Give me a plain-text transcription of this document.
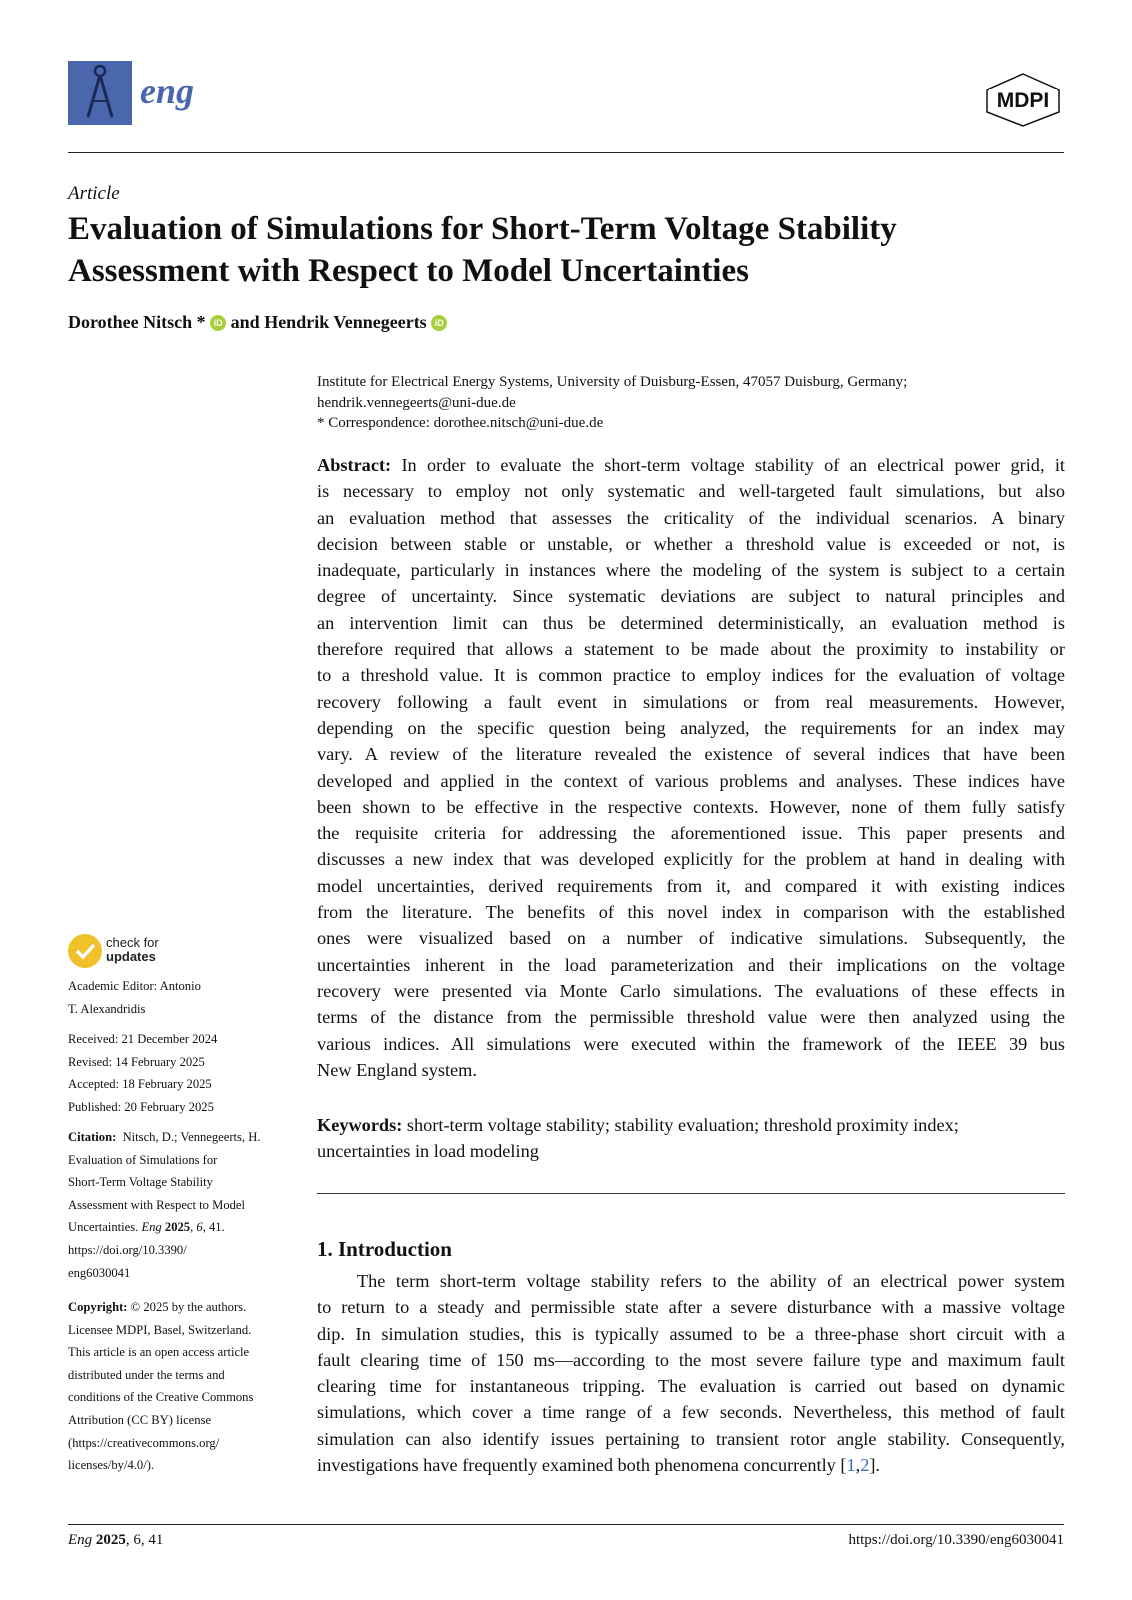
eng	MDPI
Article
Evaluation of Simulations for Short-Term Voltage Stability
Assessment with Respect to Model Uncertainties
Dorothee Nitsch * iD and Hendrik Vennegeerts iD
Institute for Electrical Energy Systems, University of Duisburg-Essen, 47057 Duisburg, Germany;
hendrik.vennegeerts@uni-due.de
* Correspondence: dorothee.nitsch@uni-due.de
Abstract: In order to evaluate the short-term voltage stability of an electrical power grid, it
is necessary to employ not only systematic and well-targeted fault simulations, but also
an evaluation method that assesses the criticality of the individual scenarios. A binary
decision between stable or unstable, or whether a threshold value is exceeded or not, is
inadequate, particularly in instances where the modeling of the system is subject to a certain
degree of uncertainty. Since systematic deviations are subject to natural principles and
an intervention limit can thus be determined deterministically, an evaluation method is
therefore required that allows a statement to be made about the proximity to instability or
to a threshold value. It is common practice to employ indices for the evaluation of voltage
recovery following a fault event in simulations or from real measurements. However,
depending on the specific question being analyzed, the requirements for an index may
vary. A review of the literature revealed the existence of several indices that have been
developed and applied in the context of various problems and analyses. These indices have
been shown to be effective in the respective contexts. However, none of them fully satisfy
the requisite criteria for addressing the aforementioned issue. This paper presents and
discusses a new index that was developed explicitly for the problem at hand in dealing with
model uncertainties, derived requirements from it, and compared it with existing indices
from the literature. The benefits of this novel index in comparison with the established
ones were visualized based on a number of indicative simulations. Subsequently, the
uncertainties inherent in the load parameterization and their implications on the voltage
recovery were presented via Monte Carlo simulations. The evaluations of these effects in
terms of the distance from the permissible threshold value were then analyzed using the
various indices. All simulations were executed within the framework of the IEEE 39 bus
New England system.
Keywords: short-term voltage stability; stability evaluation; threshold proximity index;
uncertainties in load modeling
1. Introduction
The term short-term voltage stability refers to the ability of an electrical power system
to return to a steady and permissible state after a severe disturbance with a massive voltage
dip. In simulation studies, this is typically assumed to be a three-phase short circuit with a
fault clearing time of 150 ms—according to the most severe failure type and maximum fault
clearing time for instantaneous tripping. The evaluation is carried out based on dynamic
simulations, which cover a time range of a few seconds. Nevertheless, this method of fault
simulation can also identify issues pertaining to transient rotor angle stability. Consequently,
investigations have frequently examined both phenomena concurrently [1,2].
check for
updates
Academic Editor: Antonio
T. Alexandridis
Received: 21 December 2024
Revised: 14 February 2025
Accepted: 18 February 2025
Published: 20 February 2025
Citation: Nitsch, D.; Vennegeerts, H.
Evaluation of Simulations for
Short-Term Voltage Stability
Assessment with Respect to Model
Uncertainties. Eng 2025, 6, 41.
https://doi.org/10.3390/
eng6030041
Copyright: © 2025 by the authors.
Licensee MDPI, Basel, Switzerland.
This article is an open access article
distributed under the terms and
conditions of the Creative Commons
Attribution (CC BY) license
(https://creativecommons.org/
licenses/by/4.0/).
Eng 2025, 6, 41	https://doi.org/10.3390/eng6030041
